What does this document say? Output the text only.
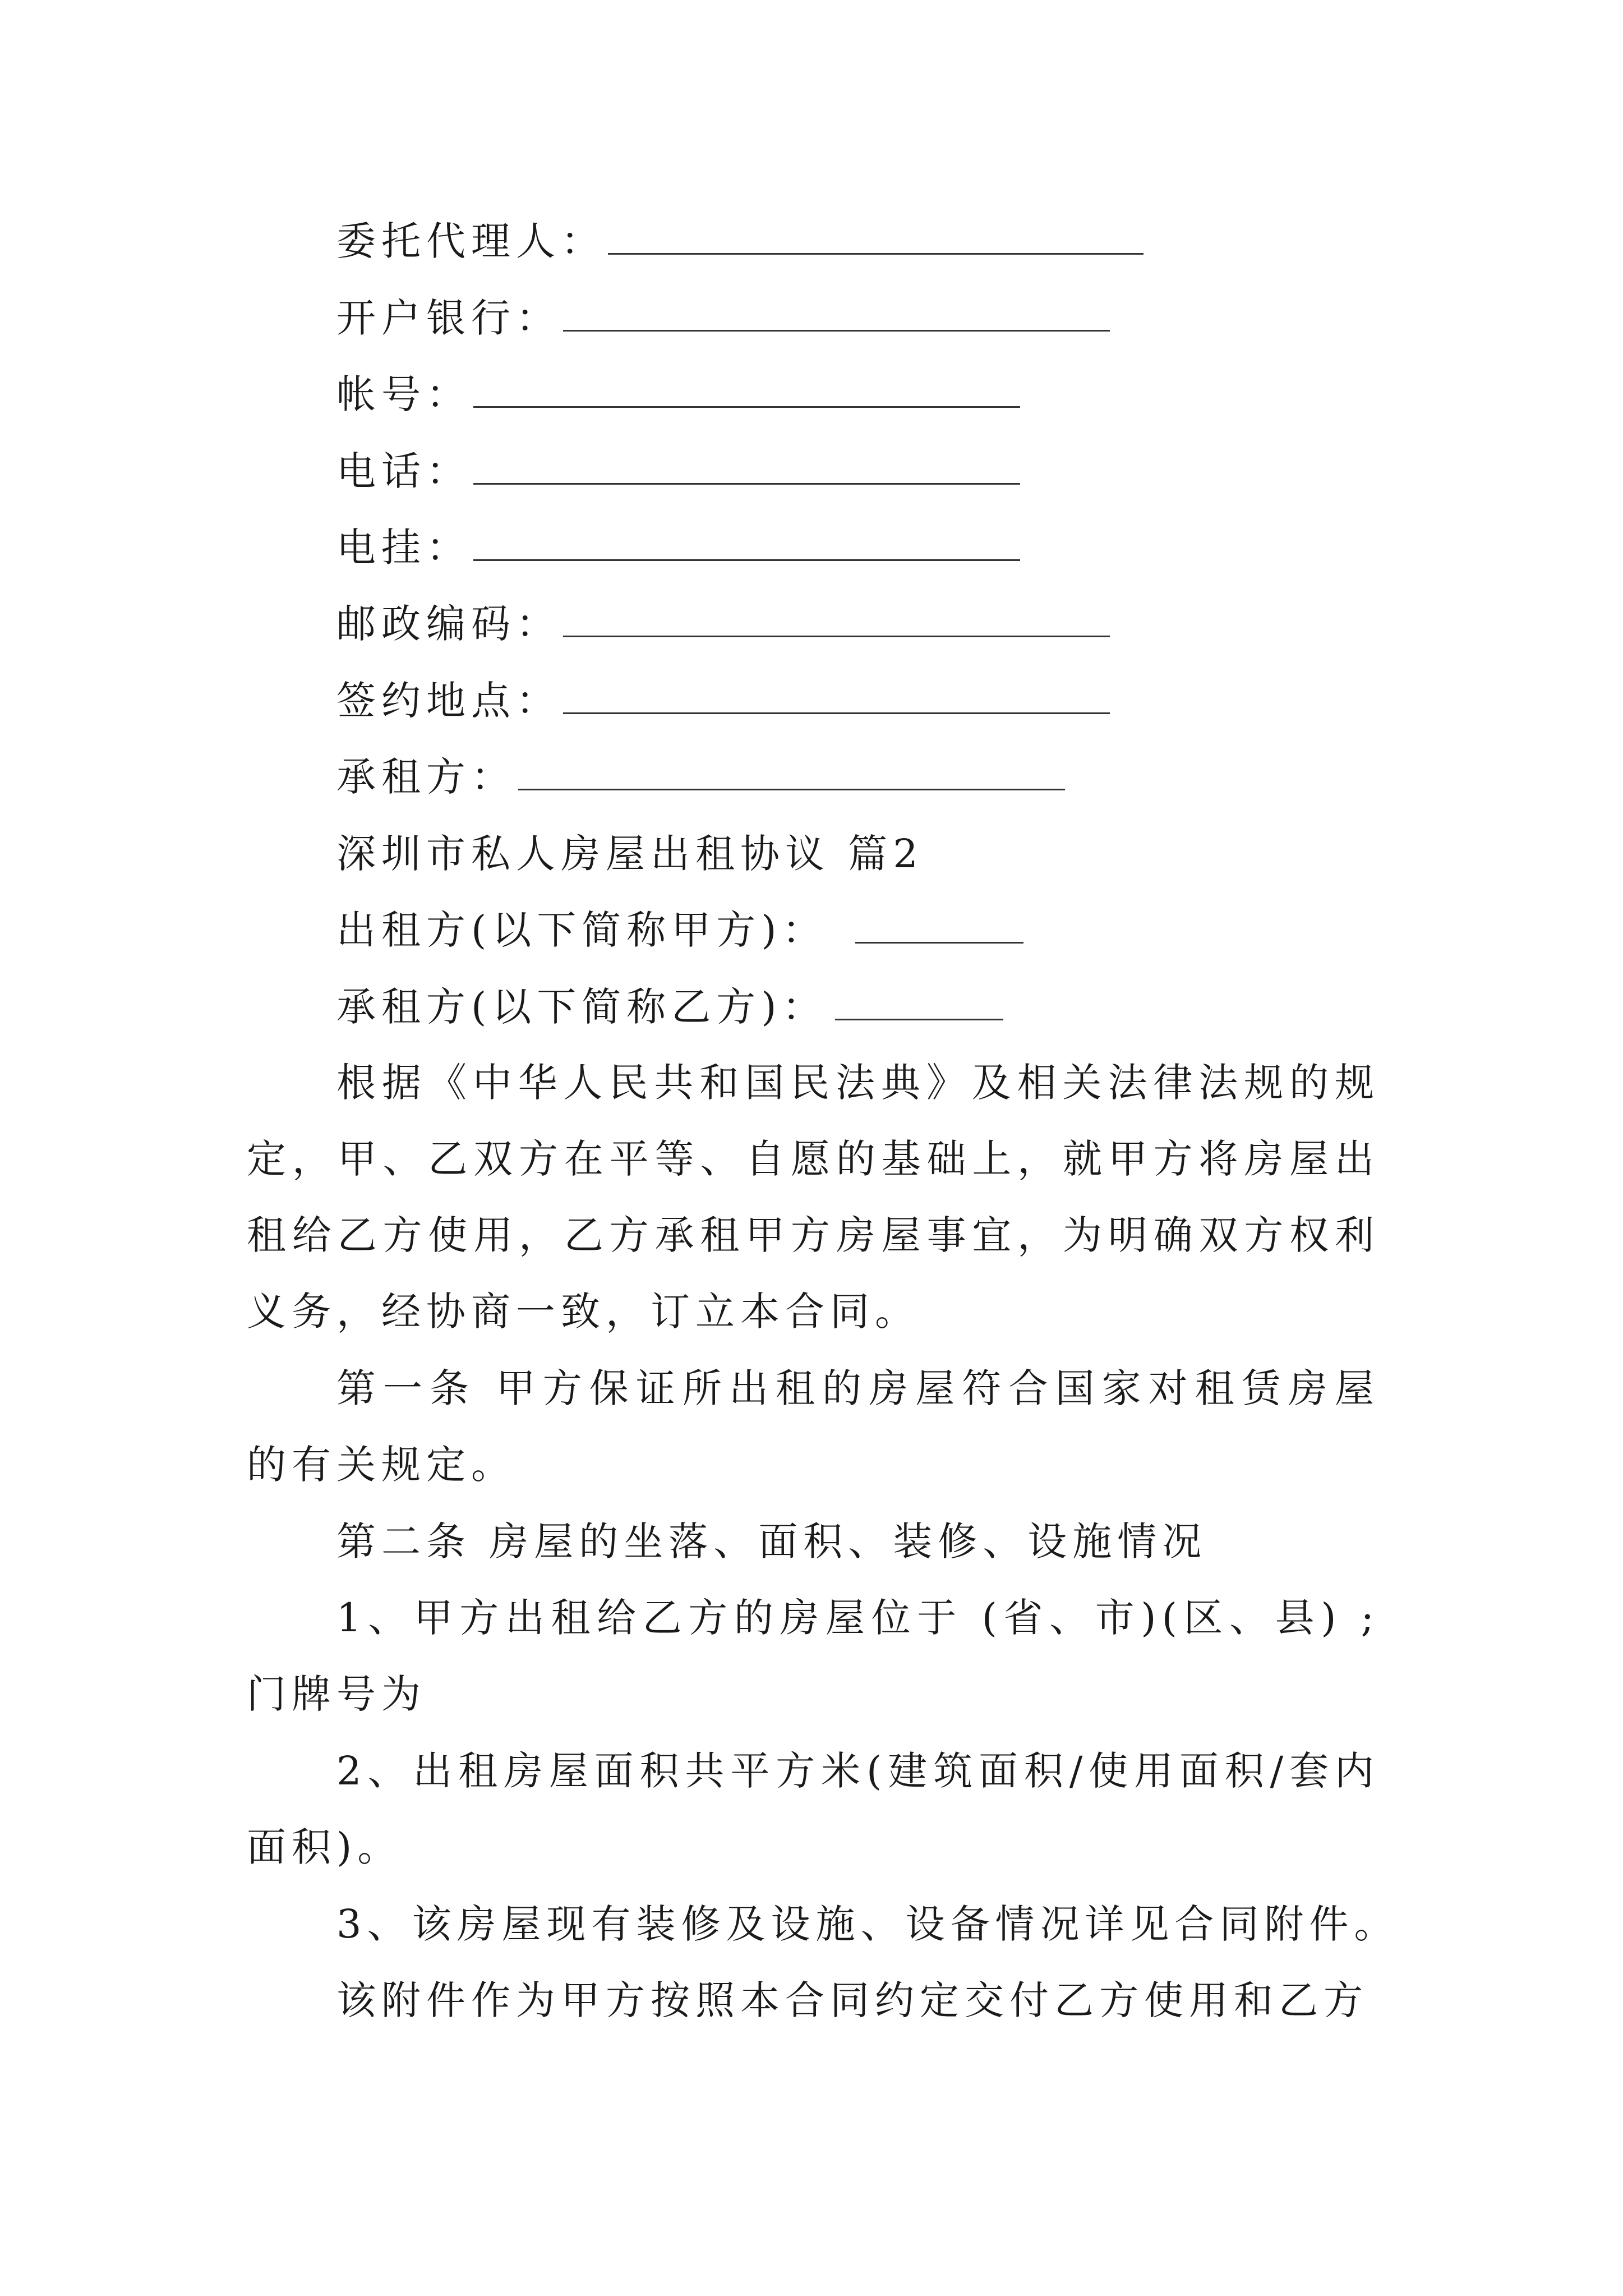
委托代理人：
开户银行：
帐号：
电话：
电挂：
邮政编码：
签约地点：
承租方：
深圳市私人房屋出租协议 篇2
出租方(以下简称甲方)：
承租方(以下简称乙方)：
根据《中华人民共和国民法典》及相关法律法规的规定，甲、乙双方在平等、自愿的基础上，就甲方将房屋出租给乙方使用，乙方承租甲方房屋事宜，为明确双方权利义务，经协商一致，订立本合同。
第一条 甲方保证所出租的房屋符合国家对租赁房屋的有关规定。
第二条 房屋的坐落、面积、装修、设施情况
1、甲方出租给乙方的房屋位于 (省、市)(区、县) ;门牌号为
2、出租房屋面积共平方米(建筑面积/使用面积/套内面积)。
3、该房屋现有装修及设施、设备情况详见合同附件。
该附件作为甲方按照本合同约定交付乙方使用和乙方
